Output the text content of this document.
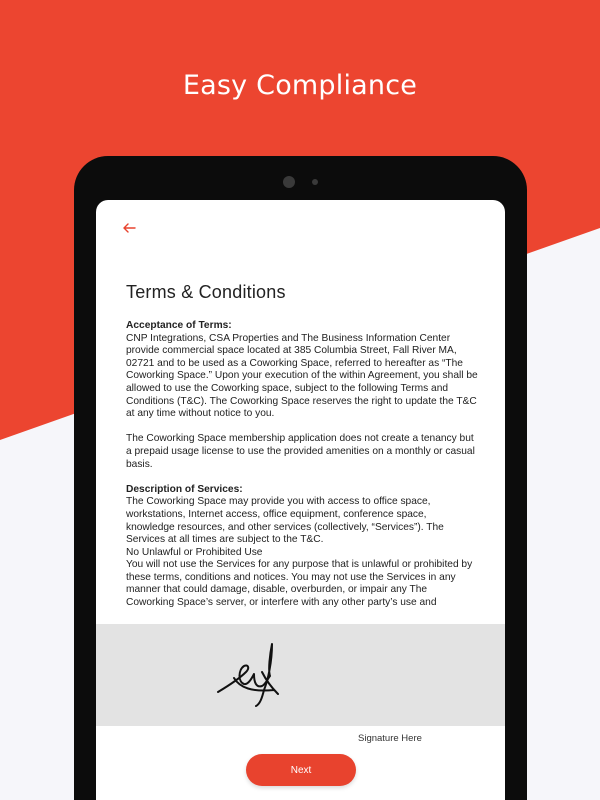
Easy Compliance
Terms & Conditions

Acceptance of Terms:
CNP Integrations, CSA Properties and The Business Information Center provide commercial space located at 385 Columbia Street, Fall River MA, 02721 and to be used as a Coworking Space, referred to hereafter as “The Coworking Space.” Upon your execution of the within Agreement, you shall be allowed to use the Coworking space, subject to the following Terms and Conditions (T&C). The Coworking Space reserves the right to update the T&C at any time without notice to you.

The Coworking Space membership application does not create a tenancy but a prepaid usage license to use the provided amenities on a monthly or casual basis.

Description of Services:
The Coworking Space may provide you with access to office space, workstations, Internet access, office equipment, conference space, knowledge resources, and other services (collectively, “Services”). The Services at all times are subject to the T&C.

No Unlawful or Prohibited Use
You will not use the Services for any purpose that is unlawful or prohibited by these terms, conditions and notices. You may not use the Services in any manner that could damage, disable, overburden, or impair any The Coworking Space’s server, or interfere with any other party’s use and
Signature Here
Next
